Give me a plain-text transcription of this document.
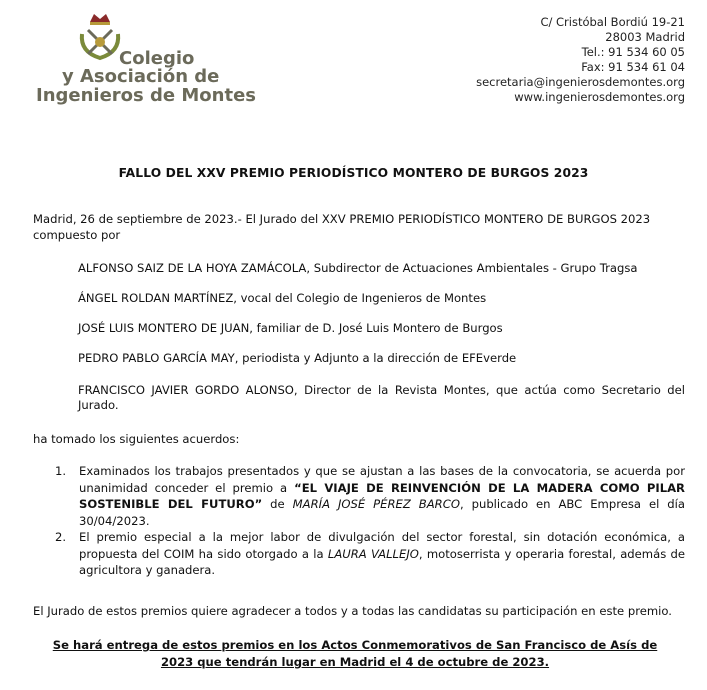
Colegio
y Asociación de
Ingenieros de Montes
C/ Cristóbal Bordiú 19-21
28003 Madrid
Tel.: 91 534 60 05
Fax: 91 534 61 04
secretaria@ingenierosdemontes.org
www.ingenierosdemontes.org
FALLO DEL XXV PREMIO PERIODÍSTICO MONTERO DE BURGOS 2023
Madrid, 26 de septiembre de 2023.- El Jurado del XXV PREMIO PERIODÍSTICO MONTERO DE BURGOS 2023 compuesto por
ALFONSO SAIZ DE LA HOYA ZAMÁCOLA, Subdirector de Actuaciones Ambientales - Grupo Tragsa
ÁNGEL ROLDAN MARTÍNEZ, vocal del Colegio de Ingenieros de Montes
JOSÉ LUIS MONTERO DE JUAN, familiar de D. José Luis Montero de Burgos
PEDRO PABLO GARCÍA MAY, periodista y Adjunto a la dirección de EFEverde
FRANCISCO JAVIER GORDO ALONSO, Director de la Revista Montes, que actúa como Secretario del Jurado.
ha tomado los siguientes acuerdos:
1. Examinados los trabajos presentados y que se ajustan a las bases de la convocatoria, se acuerda por unanimidad conceder el premio a “EL VIAJE DE REINVENCIÓN DE LA MADERA COMO PILAR SOSTENIBLE DEL FUTURO” de MARÍA JOSÉ PÉREZ BARCO, publicado en ABC Empresa el día 30/04/2023.
2. El premio especial a la mejor labor de divulgación del sector forestal, sin dotación económica, a propuesta del COIM ha sido otorgado a la LAURA VALLEJO, motoserrista y operaria forestal, además de agricultora y ganadera.
El Jurado de estos premios quiere agradecer a todos y a todas las candidatas su participación en este premio.
Se hará entrega de estos premios en los Actos Conmemorativos de San Francisco de Asís de 2023 que tendrán lugar en Madrid el 4 de octubre de 2023.
